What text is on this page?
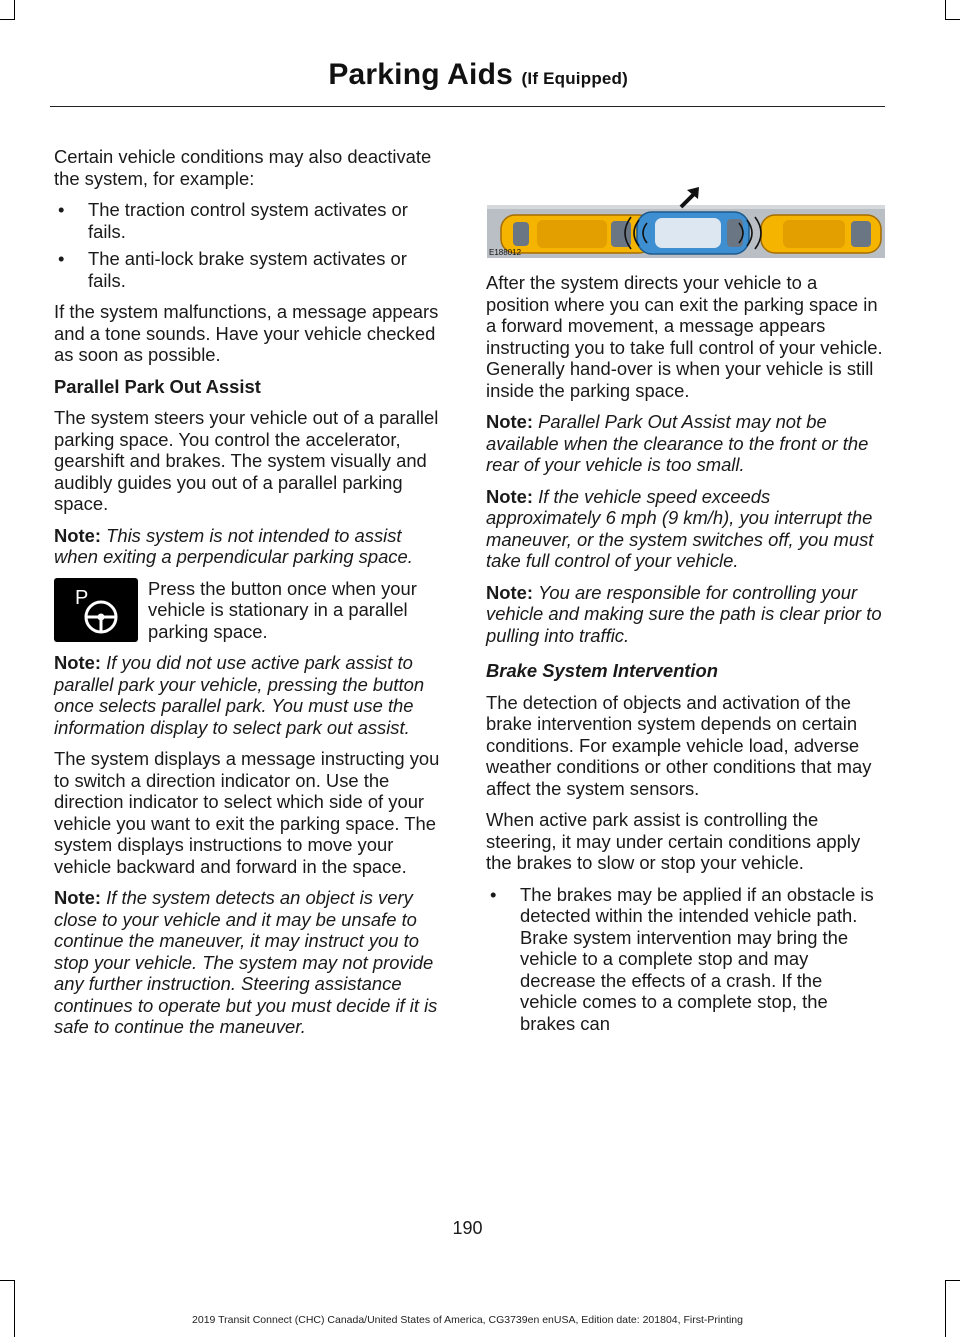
Parking Aids (If Equipped)

Certain vehicle conditions may also deactivate the system, for example:

• The traction control system activates or fails.
• The anti-lock brake system activates or fails.

If the system malfunctions, a message appears and a tone sounds. Have your vehicle checked as soon as possible.

Parallel Park Out Assist

The system steers your vehicle out of a parallel parking space. You control the accelerator, gearshift and brakes. The system visually and audibly guides you out of a parallel parking space.

Note: This system is not intended to assist when exiting a perpendicular parking space.

P	Press the button once when your vehicle is stationary in a parallel parking space.

Note: If you did not use active park assist to parallel park your vehicle, pressing the button once selects parallel park. You must use the information display to select park out assist.

The system displays a message instructing you to switch a direction indicator on. Use the direction indicator to select which side of your vehicle you want to exit the parking space. The system displays instructions to move your vehicle backward and forward in the space.

Note: If the system detects an object is very close to your vehicle and it may be unsafe to continue the maneuver, it may instruct you to stop your vehicle. The system may not provide any further instruction. Steering assistance continues to operate but you must decide if it is safe to continue the maneuver.

E188012

After the system directs your vehicle to a position where you can exit the parking space in a forward movement, a message appears instructing you to take full control of your vehicle. Generally hand-over is when your vehicle is still inside the parking space.

Note: Parallel Park Out Assist may not be available when the clearance to the front or the rear of your vehicle is too small.

Note: If the vehicle speed exceeds approximately 6 mph (9 km/h), you interrupt the maneuver, or the system switches off, you must take full control of your vehicle.

Note: You are responsible for controlling your vehicle and making sure the path is clear prior to pulling into traffic.

Brake System Intervention

The detection of objects and activation of the brake intervention system depends on certain conditions. For example vehicle load, adverse weather conditions or other conditions that may affect the system sensors.

When active park assist is controlling the steering, it may under certain conditions apply the brakes to slow or stop your vehicle.

• The brakes may be applied if an obstacle is detected within the intended vehicle path. Brake system intervention may bring the vehicle to a complete stop and may decrease the effects of a crash. If the vehicle comes to a complete stop, the brakes can
190
2019 Transit Connect (CHC) Canada/United States of America, CG3739en enUSA, Edition date: 201804, First-Printing
